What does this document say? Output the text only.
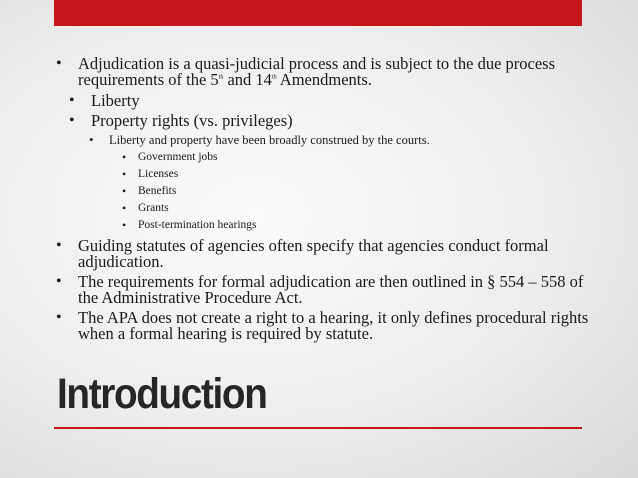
• Adjudication is a quasi-judicial process and is subject to the due process requirements of the 5th and 14th Amendments.
• Liberty
• Property rights (vs. privileges)
• Liberty and property have been broadly construed by the courts.
• Government jobs
• Licenses
• Benefits
• Grants
• Post-termination hearings
• Guiding statutes of agencies often specify that agencies conduct formal adjudication.
• The requirements for formal adjudication are then outlined in § 554 – 558 of the Administrative Procedure Act.
• The APA does not create a right to a hearing, it only defines procedural rights when a formal hearing is required by statute.
Introduction
